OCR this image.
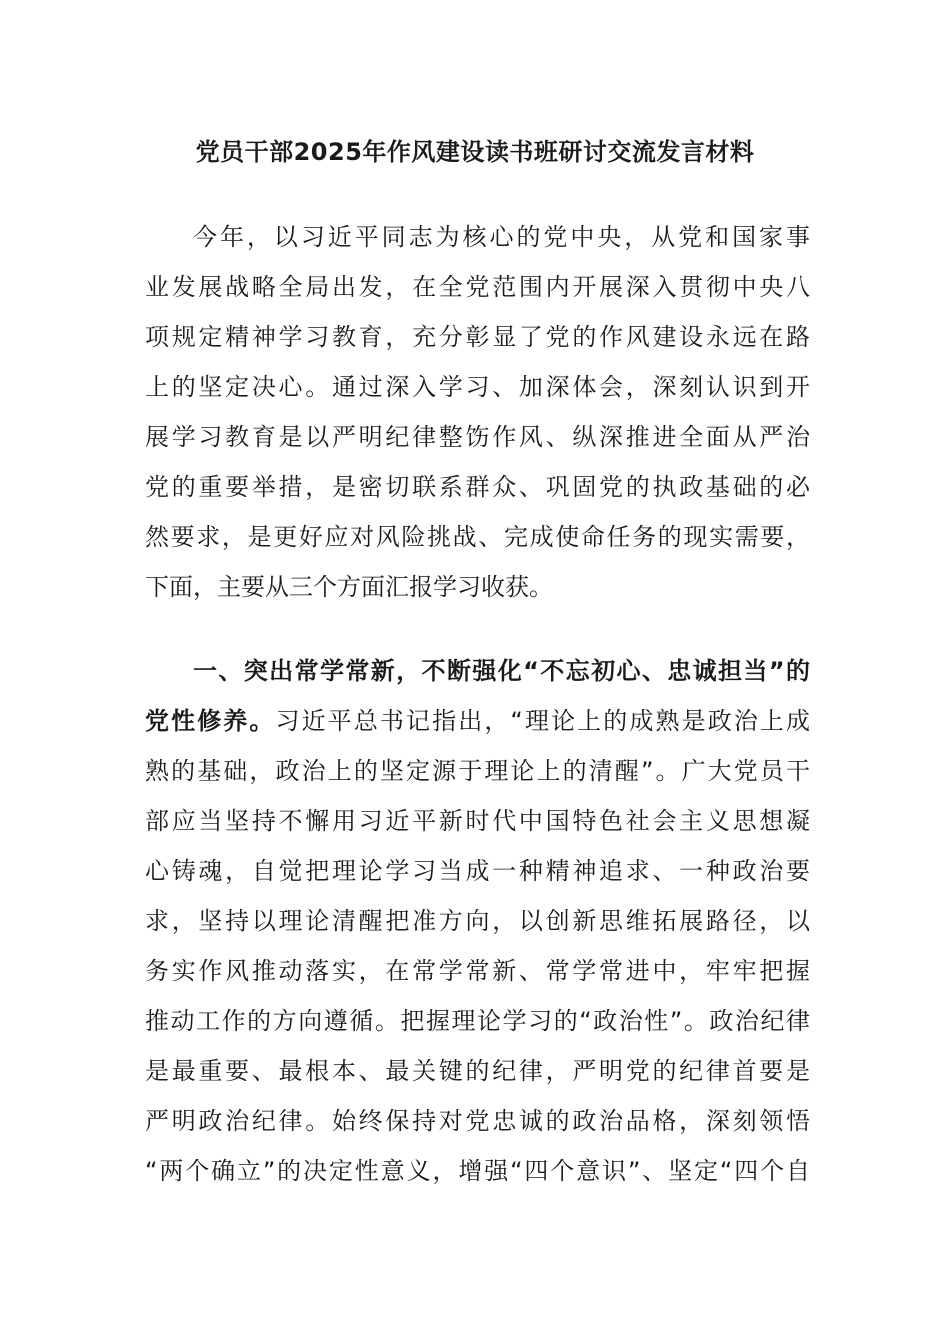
党员干部2025年作风建设读书班研讨交流发言材料
今年，以习近平同志为核心的党中央，从党和国家事
业发展战略全局出发，在全党范围内开展深入贯彻中央八
项规定精神学习教育，充分彰显了党的作风建设永远在路
上的坚定决心。通过深入学习、加深体会，深刻认识到开
展学习教育是以严明纪律整饬作风、纵深推进全面从严治
党的重要举措，是密切联系群众、巩固党的执政基础的必
然要求，是更好应对风险挑战、完成使命任务的现实需要，
下面，主要从三个方面汇报学习收获。
一、突出常学常新，不断强化“不忘初心、忠诚担当”的
党性修养。习近平总书记指出，“理论上的成熟是政治上成
熟的基础，政治上的坚定源于理论上的清醒”。广大党员干
部应当坚持不懈用习近平新时代中国特色社会主义思想凝
心铸魂，自觉把理论学习当成一种精神追求、一种政治要
求，坚持以理论清醒把准方向，以创新思维拓展路径，以
务实作风推动落实，在常学常新、常学常进中，牢牢把握
推动工作的方向遵循。把握理论学习的“政治性”。政治纪律
是最重要、最根本、最关键的纪律，严明党的纪律首要是
严明政治纪律。始终保持对党忠诚的政治品格，深刻领悟
“两个确立”的决定性意义，增强“四个意识”、坚定“四个自
